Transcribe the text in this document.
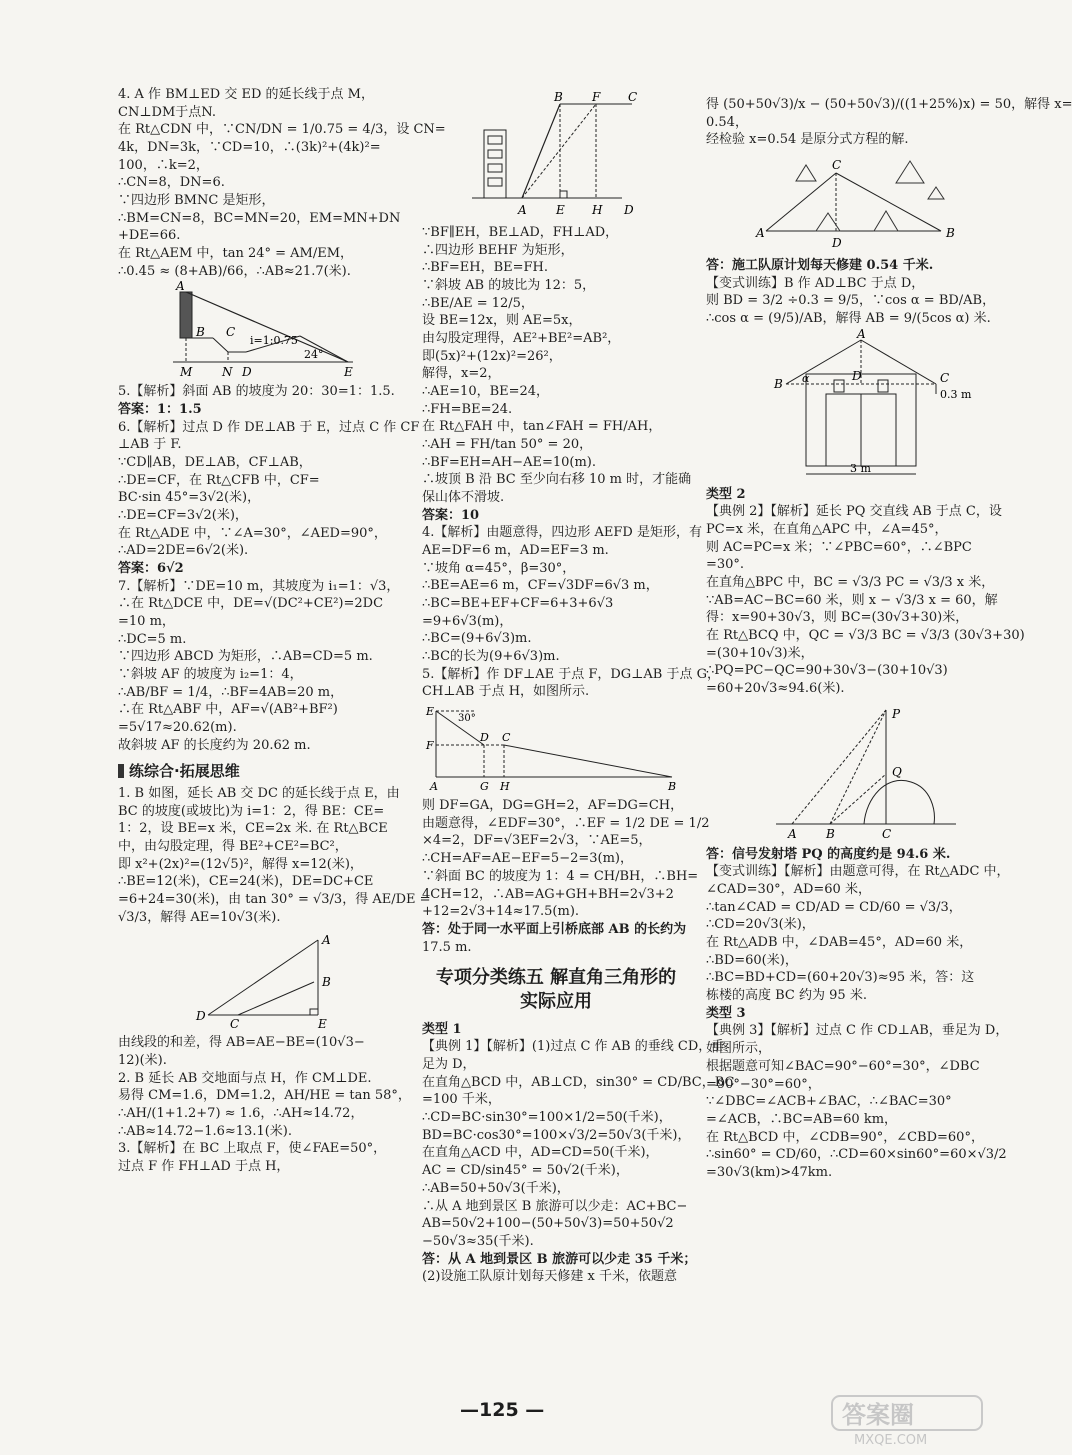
4. A 作 BM⊥ED 交 ED 的延长线于点 M，

CN⊥DM于点N.

在 Rt△CDN 中，∵CN/DN = 1/0.75 = 4/3，设 CN=

4k，DN=3k，∵CD=10，∴(3k)²+(4k)²=

100，∴k=2，

∴CN=8，DN=6.

∵四边形 BMNC 是矩形，

∴BM=CN=8，BC=MN=20，EM=MN+DN

+DE=66.

在 Rt△AEM 中，tan 24° = AM/EM，

∴0.45 ≈ (8+AB)/66，∴AB≈21.7(米).

A
B C
i=1:0.75
24°
M N D	E

5.【解析】斜面 AB 的坡度为 20：30=1：1.5.

答案：1：1.5

6.【解析】过点 D 作 DE⊥AB 于 E，过点 C 作 CF

⊥AB 于 F.

∵CD∥AB，DE⊥AB，CF⊥AB，

∴DE=CF，在 Rt△CFB 中，CF=

BC·sin 45°=3√2(米)，

∴DE=CF=3√2(米)，

在 Rt△ADE 中，∵∠A=30°，∠AED=90°，

∴AD=2DE=6√2(米).

答案：6√2

7.【解析】∵DE=10 m，其坡度为 i₁=1：√3，

∴在 Rt△DCE 中，DE=√(DC²+CE²)=2DC

=10 m，

∴DC=5 m.

∵四边形 ABCD 为矩形，∴AB=CD=5 m.

∵斜坡 AF 的坡度为 i₂=1：4，

∴AB/BF = 1/4，∴BF=4AB=20 m，

∴在 Rt△ABF 中，AF=√(AB²+BF²)

=5√17≈20.62(m).

故斜坡 AF 的长度约为 20.62 m.

练综合·拓展思维

1. B 如图，延长 AB 交 DC 的延长线于点 E，由

BC 的坡度(或坡比)为 i=1：2，得 BE：CE=

1：2，设 BE=x 米，CE=2x 米. 在 Rt△BCE

中，由勾股定理，得 BE²+CE²=BC²，

即 x²+(2x)²=(12√5)²，解得 x=12(米)，

∴BE=12(米)，CE=24(米)，DE=DC+CE

=6+24=30(米)，由 tan 30° = √3/3，得 AE/DE =

√3/3，解得 AE=10√3(米).

A
B
D
C	E

由线段的和差，得 AB=AE−BE=(10√3−

12)(米).

2. B 延长 AB 交地面与点 H，作 CM⊥DE.

易得 CM=1.6，DM=1.2，AH/HE = tan 58°，

∴AH/(1+1.2+7) ≈ 1.6，∴AH≈14.72，

∴AB≈14.72−1.6≈13.1(米).

3.【解析】在 BC 上取点 F，使∠FAE=50°，

过点 F 作 FH⊥AD 于点 H，

B F C
A E H D

∵BF∥EH，BE⊥AD，FH⊥AD，

∴四边形 BEHF 为矩形，

∴BF=EH，BE=FH.

∵斜坡 AB 的坡比为 12：5，

∴BE/AE = 12/5，

设 BE=12x，则 AE=5x，

由勾股定理得，AE²+BE²=AB²，

即(5x)²+(12x)²=26²，

解得，x=2，

∴AE=10，BE=24，

∴FH=BE=24.

在 Rt△FAH 中，tan∠FAH = FH/AH，

∴AH = FH/tan 50° = 20，

∴BF=EH=AH−AE=10(m).

∴坡顶 B 沿 BC 至少向右移 10 m 时，才能确

保山体不滑坡.

答案：10

4.【解析】由题意得，四边形 AEFD 是矩形，有

AE=DF=6 m，AD=EF=3 m.

∵坡角 α=45°，β=30°，

∴BE=AE=6 m，CF=√3DF=6√3 m，

∴BC=BE+EF+CF=6+3+6√3

=9+6√3(m)，

∴BC=(9+6√3)m.

∴BC的长为(9+6√3)m.

5.【解析】作 DF⊥AE 于点 F，DG⊥AB 于点 G，

CH⊥AB 于点 H，如图所示.

E
30°
D C
F
A	G H	B

则 DF=GA，DG=GH=2，AF=DG=CH，

由题意得，∠EDF=30°，∴EF = 1/2 DE = 1/2

×4=2，DF=√3EF=2√3，∵AE=5，

∴CH=AF=AE−EF=5−2=3(m)，

∵斜面 BC 的坡度为 1：4 = CH/BH，∴BH=

4CH=12，∴AB=AG+GH+BH=2√3+2

+12=2√3+14≈17.5(m).

答：处于同一水平面上引桥底部 AB 的长约为

17.5 m.

专项分类练五 解直角三角形的
实际应用

类型 1

【典例 1】【解析】(1)过点 C 作 AB 的垂线 CD，垂

足为 D，

在直角△BCD 中，AB⊥CD，sin30° = CD/BC，BC

=100 千米，

∴CD=BC·sin30°=100×1/2=50(千米)，

BD=BC·cos30°=100×√3/2=50√3(千米)，

在直角△ACD 中，AD=CD=50(千米)，

AC = CD/sin45° = 50√2(千米)，

∴AB=50+50√3(千米)，

∴从 A 地到景区 B 旅游可以少走：AC+BC−

AB=50√2+100−(50+50√3)=50+50√2

−50√3≈35(千米).

答：从 A 地到景区 B 旅游可以少走 35 千米；

(2)设施工队原计划每天修建 x 千米，依题意

得 (50+50√3)/x − (50+50√3)/((1+25%)x) = 50，解得 x=

0.54，

经检验 x=0.54 是原分式方程的解.

C
A
D
B

答：施工队原计划每天修建 0.54 千米.

【变式训练】B 作 AD⊥BC 于点 D，

则 BD = 3/2 ÷0.3 = 9/5，∵cos α = BD/AB，

∴cos α = (9/5)/AB，解得 AB = 9/(5cos α) 米.

A
B α	D	C
0.3 m
3 m

类型 2

【典例 2】【解析】延长 PQ 交直线 AB 于点 C，设

PC=x 米，在直角△APC 中，∠A=45°，

则 AC=PC=x 米；∵∠PBC=60°，∴∠BPC

=30°.

在直角△BPC 中，BC = √3/3 PC = √3/3 x 米，

∵AB=AC−BC=60 米，则 x − √3/3 x = 60，解

得：x=90+30√3，则 BC=(30√3+30)米，

在 Rt△BCQ 中，QC = √3/3 BC = √3/3 (30√3+30)

=(30+10√3)米，

∴PQ=PC−QC=90+30√3−(30+10√3)

=60+20√3≈94.6(米).

P
Q
A B	C

答：信号发射塔 PQ 的高度约是 94.6 米.

【变式训练】【解析】由题意可得，在 Rt△ADC 中，

∠CAD=30°，AD=60 米，

∴tan∠CAD = CD/AD = CD/60 = √3/3，

∴CD=20√3(米)，

在 Rt△ADB 中，∠DAB=45°，AD=60 米，

∴BD=60(米)，

∴BC=BD+CD=(60+20√3)≈95 米，答：这

栋楼的高度 BC 约为 95 米.

类型 3

【典例 3】【解析】过点 C 作 CD⊥AB，垂足为 D，

如图所示，

根据题意可知∠BAC=90°−60°=30°，∠DBC

=90°−30°=60°，

∵∠DBC=∠ACB+∠BAC，∴∠BAC=30°

=∠ACB，∴BC=AB=60 km，

在 Rt△BCD 中，∠CDB=90°，∠CBD=60°，

∴sin60° = CD/60，∴CD=60×sin60°=60×√3/2

=30√3(km)>47km.

—125 —	答案圈
MXQE.COM
